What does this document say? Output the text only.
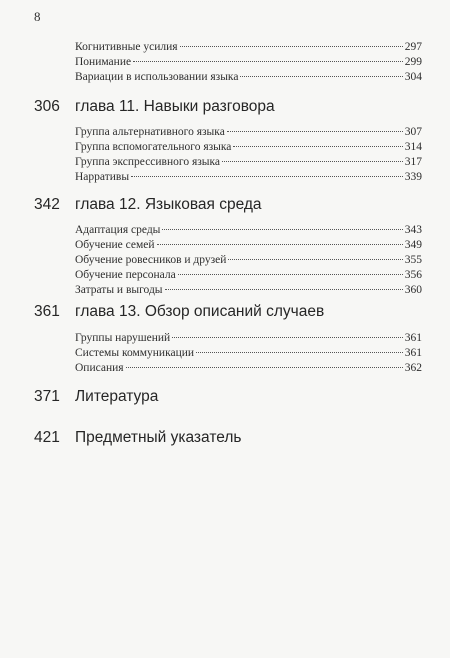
8
Когнитивные усилия	297
Понимание	299
Вариации в использовании языка	304
306 глава 11. Навыки разговора
Группа альтернативного языка	307
Группа вспомогательного языка	314
Группа экспрессивного языка	317
Нарративы	339
342 глава 12. Языковая среда
Адаптация среды	343
Обучение семей	349
Обучение ровесников и друзей	355
Обучение персонала	356
Затраты и выгоды	360
361 глава 13. Обзор описаний случаев
Группы нарушений	361
Системы коммуникации	361
Описания	362
371 Литература
421 Предметный указатель
